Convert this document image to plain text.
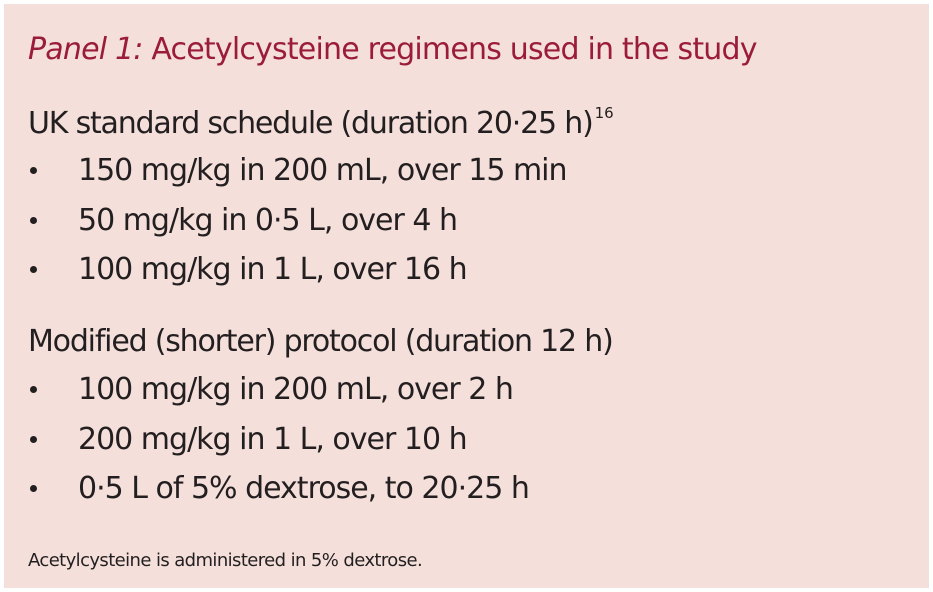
Panel 1: Acetylcysteine regimens used in the study
UK standard schedule (duration 20·25 h) $^{16}$
150 mg/kg in 200 mL, over 15 min
50 mg/kg in 0·5 L, over 4 h
100 mg/kg in 1 L, over 16 h
Modified (shorter) protocol (duration 12 h)
100 mg/kg in 200 mL, over 2 h
200 mg/kg in 1 L, over 10 h
0·5 L of 5% dextrose, to 20·25 h
Acetylcysteine is administered in 5% dextrose.
